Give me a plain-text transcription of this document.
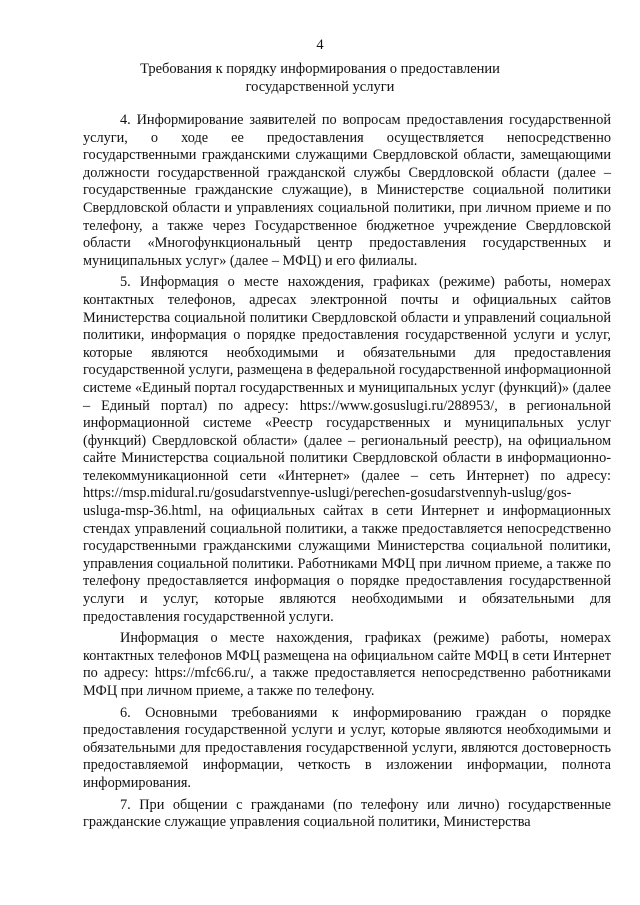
4
Требования к порядку информирования о предоставлении государственной услуги

4. Информирование заявителей по вопросам предоставления государственной услуги, о ходе ее предоставления осуществляется непосредственно государственными гражданскими служащими Свердловской области, замещающими должности государственной гражданской службы Свердловской области (далее – государственные гражданские служащие), в Министерстве социальной политики Свердловской области и управлениях социальной политики, при личном приеме и по телефону, а также через Государственное бюджетное учреждение Свердловской области «Многофункциональный центр предоставления государственных и муниципальных услуг» (далее – МФЦ) и его филиалы.

5. Информация о месте нахождения, графиках (режиме) работы, номерах контактных телефонов, адресах электронной почты и официальных сайтов Министерства социальной политики Свердловской области и управлений социальной политики, информация о порядке предоставления государственной услуги и услуг, которые являются необходимыми и обязательными для предоставления государственной услуги, размещена в федеральной государственной информационной системе «Единый портал государственных и муниципальных услуг (функций)» (далее – Единый портал) по адресу: https://www.gosuslugi.ru/288953/, в региональной информационной системе «Реестр государственных и муниципальных услуг (функций) Свердловской области» (далее – региональный реестр), на официальном сайте Министерства социальной политики Свердловской области в информационно-телекоммуникационной сети «Интернет» (далее – сеть Интернет) по адресу: https://msp.midural.ru/gosudarstvennye-uslugi/perechen-gosudarstvennyh-uslug/gos-usluga-msp-36.html, на официальных сайтах в сети Интернет и информационных стендах управлений социальной политики, а также предоставляется непосредственно государственными гражданскими служащими Министерства социальной политики, управления социальной политики. Работниками МФЦ при личном приеме, а также по телефону предоставляется информация о порядке предоставления государственной услуги и услуг, которые являются необходимыми и обязательными для предоставления государственной услуги.

Информация о месте нахождения, графиках (режиме) работы, номерах контактных телефонов МФЦ размещена на официальном сайте МФЦ в сети Интернет по адресу: https://mfc66.ru/, а также предоставляется непосредственно работниками МФЦ при личном приеме, а также по телефону.

6. Основными требованиями к информированию граждан о порядке предоставления государственной услуги и услуг, которые являются необходимыми и обязательными для предоставления государственной услуги, являются достоверность предоставляемой информации, четкость в изложении информации, полнота информирования.

7. При общении с гражданами (по телефону или лично) государственные гражданские служащие управления социальной политики, Министерства
